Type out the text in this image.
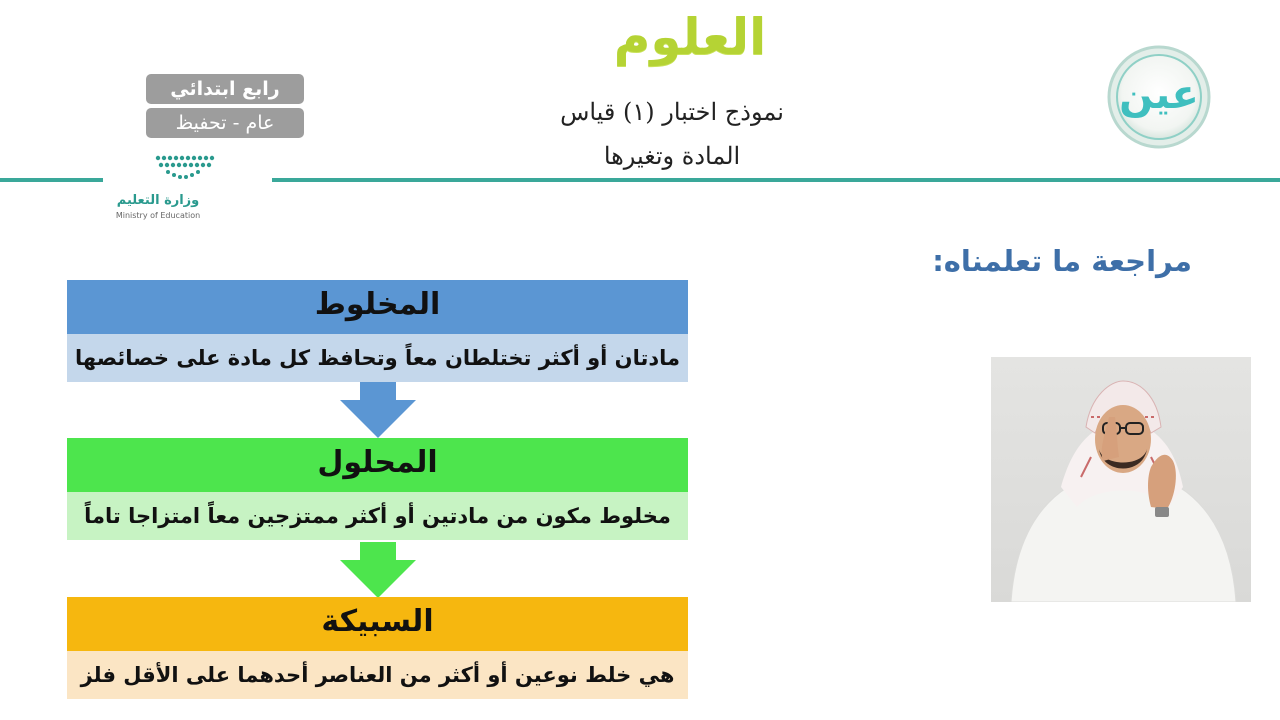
العلوم
نموذج اختبار (١) قياس
المادة وتغيرها
رابع ابتدائي
عام - تحفيظ
وزارة التعليم
Ministry of Education
عين
مراجعة ما تعلمناه:
المخلوط
مادتان أو أكثر تختلطان معاً وتحافظ كل مادة على خصائصها
المحلول
مخلوط مكون من مادتين أو أكثر ممتزجين معاً امتزاجا تاماً
السبيكة
هي خلط نوعين أو أكثر من العناصر أحدهما على الأقل فلز
